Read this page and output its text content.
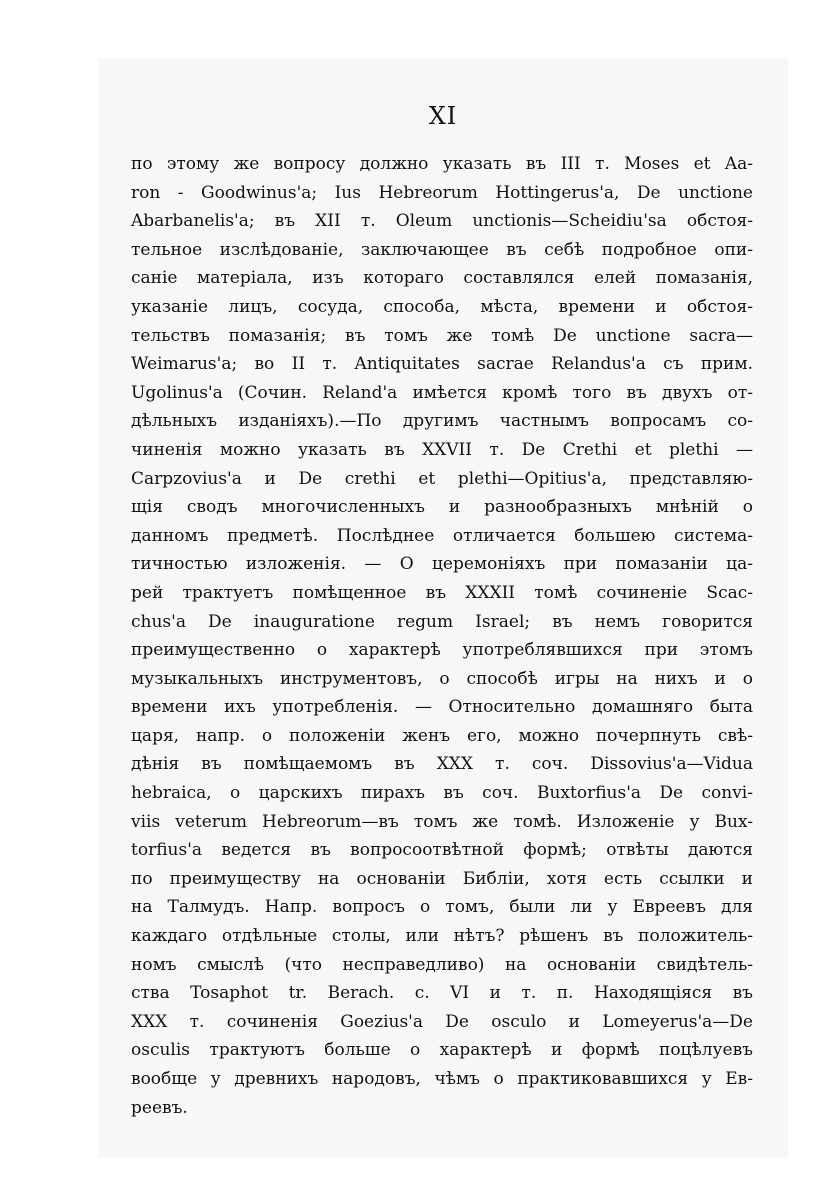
XI
по этому же вопросу должно указать въ III т. Moses et Aa-
ron - Goodwinus'a; Ius Hebreorum Hottingerus'a, De unctione
Abarbanelis'a; въ XII т. Oleum unctionis—Scheidiu'sa обстоя-
тельное изслѣдованіе, заключающее въ себѣ подробное опи-
саніе матеріала, изъ котораго составлялся елей помазанія,
указаніе лицъ, сосуда, способа, мѣста, времени и обстоя-
тельствъ помазанія; въ томъ же томѣ De unctione sacra—
Weimarus'a; во II т. Antiquitates sacrae Relandus'a съ прим.
Ugolinus'a (Сочин. Reland'a имѣется кромѣ того въ двухъ от-
дѣльныхъ изданіяхъ).—По другимъ частнымъ вопросамъ со-
чиненія можно указать въ XXVII т. De Crethi et plethi —
Carpzovius'a и De crethi et plethi—Opitius'a, представляю-
щія сводъ многочисленныхъ и разнообразныхъ мнѣній о
данномъ предметѣ. Послѣднее отличается большею система-
тичностью изложенія. — О церемоніяхъ при помазаніи ца-
рей трактуетъ помѣщенное въ XXXII томѣ сочиненіе Scac-
chus'a De inauguratione regum Israel; въ немъ говорится
преимущественно о характерѣ употреблявшихся при этомъ
музыкальныхъ инструментовъ, о способѣ игры на нихъ и о
времени ихъ употребленія. — Относительно домашняго быта
царя, напр. о положеніи женъ его, можно почерпнуть свѣ-
дѣнія въ помѣщаемомъ въ XXX т. соч. Dissovius'a—Vidua
hebraica, о царскихъ пирахъ въ соч. Buxtorfius'a De convi-
viis veterum Hebreorum—въ томъ же томѣ. Изложеніе у Bux-
torfius'a ведется въ вопросоотвѣтной формѣ; отвѣты даются
по преимуществу на основаніи Библіи, хотя есть ссылки и
на Талмудъ. Напр. вопросъ о томъ, были ли у Евреевъ для
каждаго отдѣльные столы, или нѣтъ? рѣшенъ въ положитель-
номъ смыслѣ (что несправедливо) на основаніи свидѣтель-
ства Tosaphot tr. Berach. c. VI и т. п. Находящіяся въ
XXX т. сочиненія Goezius'a De osculo и Lomeyerus'a—De
osculis трактуютъ больше о характерѣ и формѣ поцѣлуевъ
вообще у древнихъ народовъ, чѣмъ о практиковавшихся у Ев-
реевъ.
